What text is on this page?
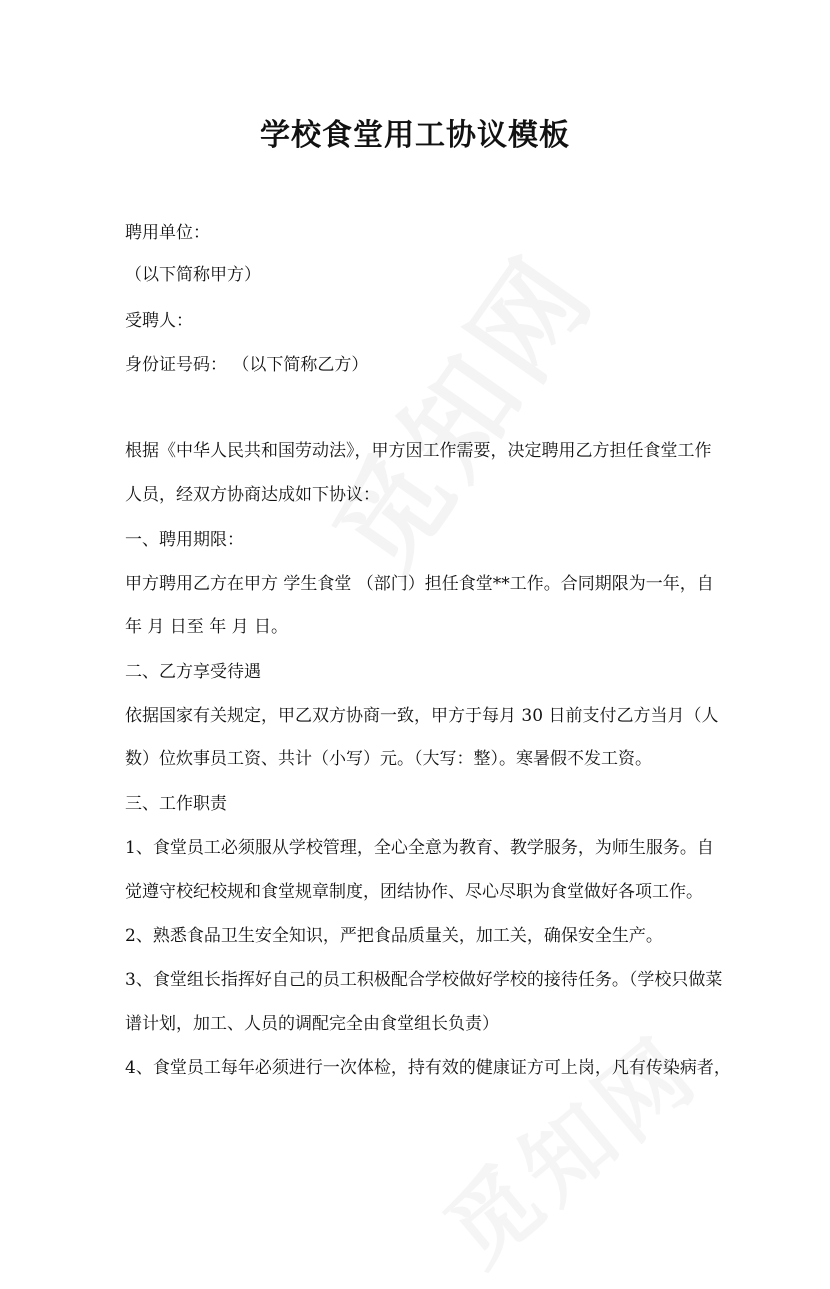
学校食堂用工协议模板
聘用单位：
（以下简称甲方）
受聘人：
身份证号码： （以下简称乙方）
根据《中华人民共和国劳动法》，甲方因工作需要，决定聘用乙方担任食堂工作
人员，经双方协商达成如下协议：
一、聘用期限：
甲方聘用乙方在甲方 学生食堂 （部门）担任食堂**工作。合同期限为一年，自
年 月 日至 年 月 日。
二、乙方享受待遇
依据国家有关规定，甲乙双方协商一致，甲方于每月 30 日前支付乙方当月（人
数）位炊事员工资、共计（小写）元。（大写：整）。寒暑假不发工资。
三、工作职责
1、食堂员工必须服从学校管理，全心全意为教育、教学服务，为师生服务。自
觉遵守校纪校规和食堂规章制度，团结协作、尽心尽职为食堂做好各项工作。
2、熟悉食品卫生安全知识，严把食品质量关，加工关，确保安全生产。
3、食堂组长指挥好自己的员工积极配合学校做好学校的接待任务。（学校只做菜
谱计划，加工、人员的调配完全由食堂组长负责）
4、食堂员工每年必须进行一次体检，持有效的健康证方可上岗，凡有传染病者，
